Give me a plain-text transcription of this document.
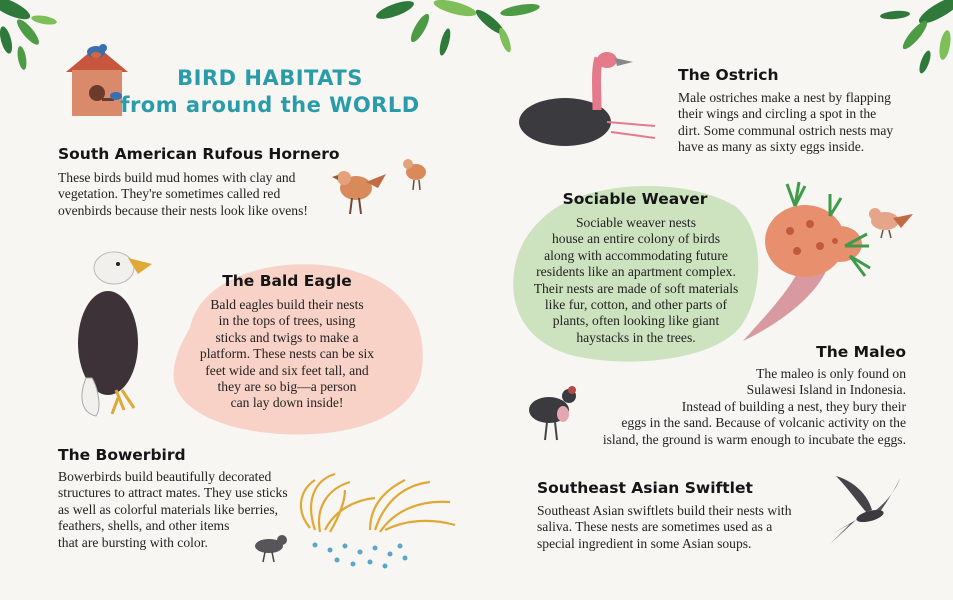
BIRD HABITATS
from around the WORLD
South American Rufous Hornero

These birds build mud homes with clay and
vegetation. They're sometimes called red
ovenbirds because their nests look like ovens!

The Bald Eagle

Bald eagles build their nests
in the tops of trees, using
sticks and twigs to make a
platform. These nests can be six
feet wide and six feet tall, and
they are so big—a person
can lay down inside!

The Bowerbird

Bowerbirds build beautifully decorated
structures to attract mates. They use sticks
as well as colorful materials like berries,
feathers, shells, and other items
that are bursting with color.

The Ostrich

Male ostriches make a nest by flapping
their wings and circling a spot in the
dirt. Some communal ostrich nests may
have as many as sixty eggs inside.

Sociable Weaver

Sociable weaver nests
house an entire colony of birds
along with accommodating future
residents like an apartment complex.
Their nests are made of soft materials
like fur, cotton, and other parts of
plants, often looking like giant
haystacks in the trees.

The Maleo

The maleo is only found on
Sulawesi Island in Indonesia.
Instead of building a nest, they bury their
eggs in the sand. Because of volcanic activity on the
island, the ground is warm enough to incubate the eggs.

Southeast Asian Swiftlet

Southeast Asian swiftlets build their nests with
saliva. These nests are sometimes used as a
special ingredient in some Asian soups.
